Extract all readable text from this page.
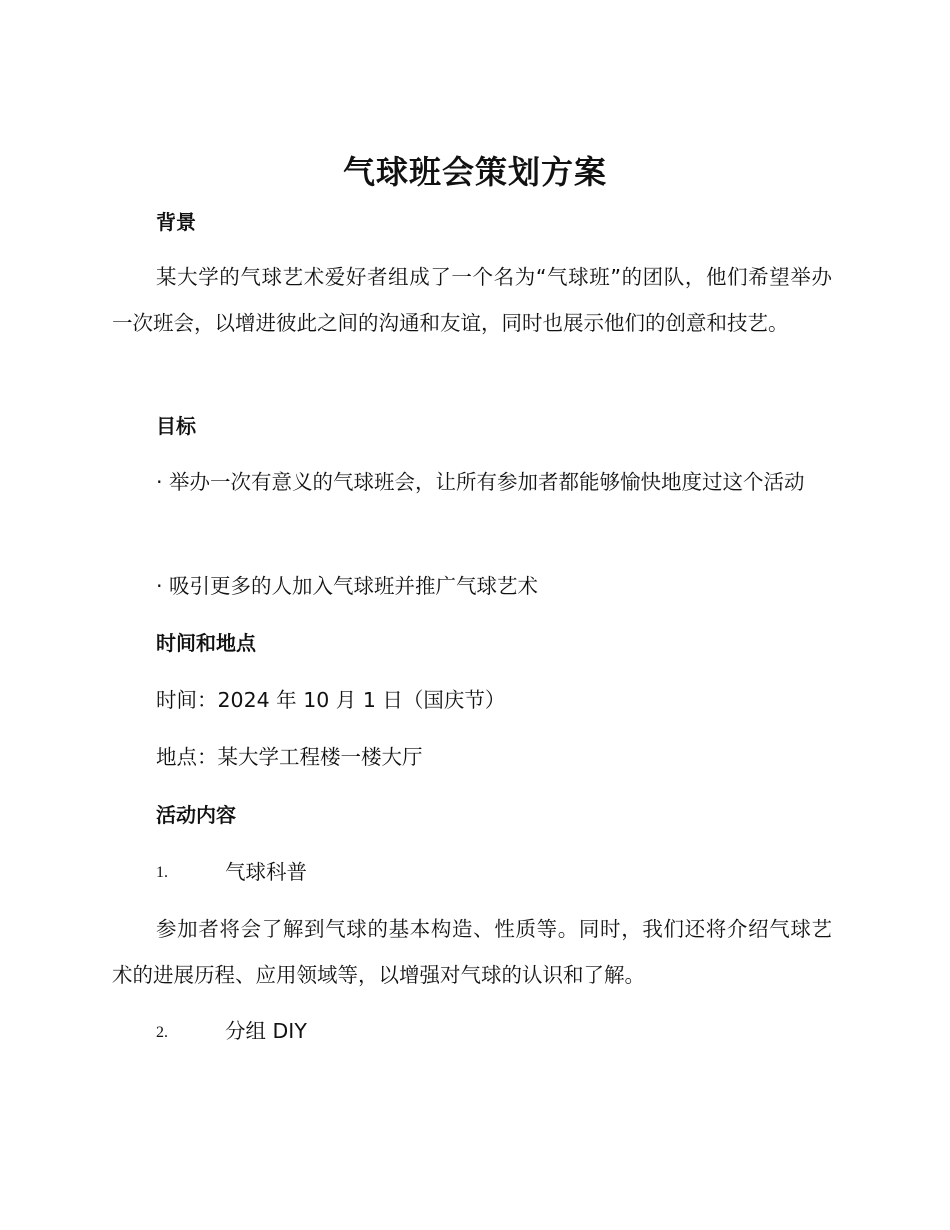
气球班会策划方案
背景
某大学的气球艺术爱好者组成了一个名为“气球班”的团队，他们希望举办一次班会，以增进彼此之间的沟通和友谊，同时也展示他们的创意和技艺。
目标
· 举办一次有意义的气球班会，让所有参加者都能够愉快地度过这个活动
· 吸引更多的人加入气球班并推广气球艺术
时间和地点
时间：2024 年 10 月 1 日（国庆节）
地点：某大学工程楼一楼大厅
活动内容
1.	气球科普
参加者将会了解到气球的基本构造、性质等。同时，我们还将介绍气球艺术的进展历程、应用领域等，以增强对气球的认识和了解。
2.	分组 DIY
